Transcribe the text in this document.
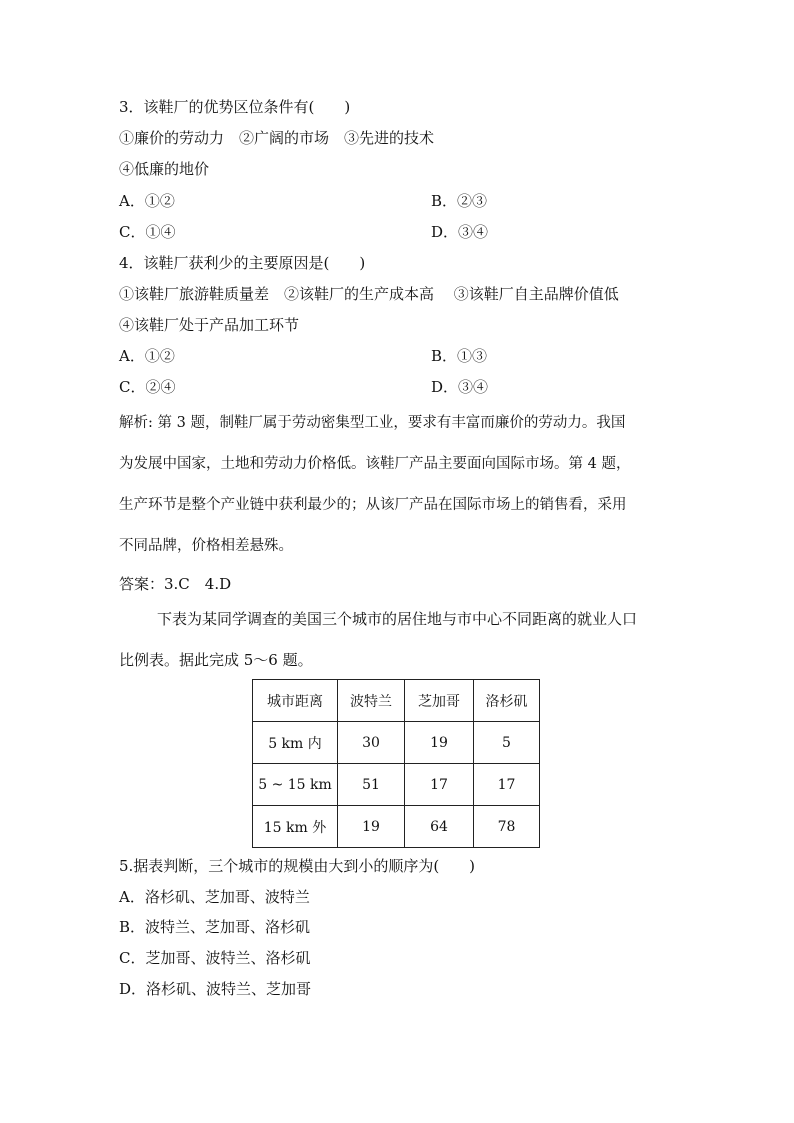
3．该鞋厂的优势区位条件有(　　)
①廉价的劳动力　②广阔的市场　③先进的技术
④低廉的地价
A．①②	B．②③
C．①④	D．③④
4．该鞋厂获利少的主要原因是(　　)
①该鞋厂旅游鞋质量差　②该鞋厂的生产成本高　 ③该鞋厂自主品牌价值低
④该鞋厂处于产品加工环节
A．①②	B．①③
C．②④	D．③④
解析: 第 3 题，制鞋厂属于劳动密集型工业，要求有丰富而廉价的劳动力。我国
为发展中国家，土地和劳动力价格低。该鞋厂产品主要面向国际市场。第 4 题，
生产环节是整个产业链中获利最少的；从该厂产品在国际市场上的销售看，采用
不同品牌，价格相差悬殊。
答案：3.C　4.D
下表为某同学调查的美国三个城市的居住地与市中心不同距离的就业人口
比例表。据此完成 5～6 题。
城市距离	波特兰	芝加哥	洛杉矶
5 km 内	30	19	5
5 ~ 15 km	51	17	17
15 km 外	19	64	78
5.据表判断，三个城市的规模由大到小的顺序为(　　)
A．洛杉矶、芝加哥、波特兰
B．波特兰、芝加哥、洛杉矶
C．芝加哥、波特兰、洛杉矶
D．洛杉矶、波特兰、芝加哥
